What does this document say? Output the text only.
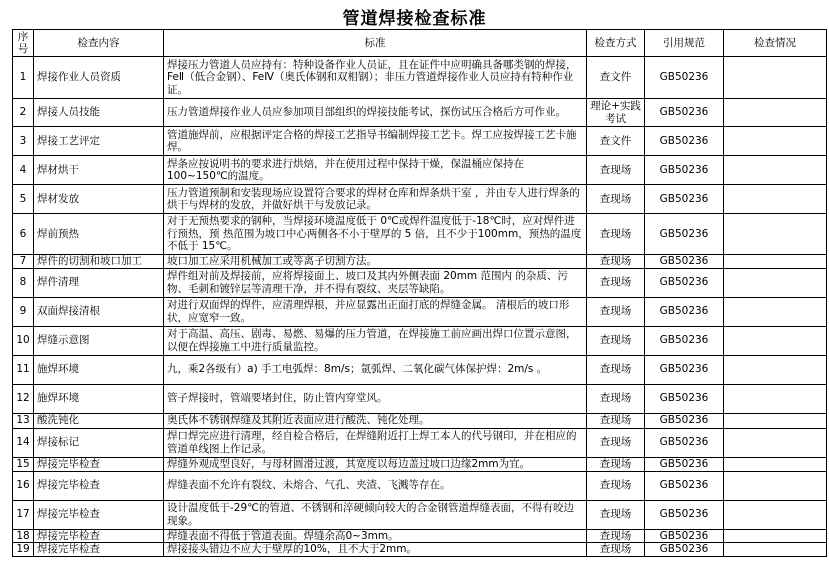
管道焊接检查标准
序号	检查内容	标准	检查方式	引用规范	检查情况
1	焊接作业人员资质	焊接压力管道人员应持有：特种设备作业人员证，且在证件中应明确具备哪类钢的焊接，FeⅡ（低合金钢）、FeⅣ（奥氏体钢和双相钢）；非压力管道焊接作业人员应持有特种作业证。	查文件	GB50236	
2	焊接人员技能	压力管道焊接作业人员应参加项目部组织的焊接技能考试，探伤试压合格后方可作业。	理论+实践考试	GB50236	
3	焊接工艺评定	管道施焊前，应根据评定合格的焊接工艺指导书编制焊接工艺卡。焊工应按焊接工艺卡施焊。	查文件	GB50236	
4	焊材烘干	焊条应按说明书的要求进行烘焙，并在使用过程中保持干燥，保温桶应保持在100~150℃的温度。	查现场	GB50236	
5	焊材发放	压力管道预制和安装现场应设置符合要求的焊材仓库和焊条烘干室 ，并由专人进行焊条的烘干与焊材的发放，并做好烘干与发放记录。	查现场	GB50236	
6	焊前预热	对于无预热要求的钢种，当焊接环境温度低于 0℃或焊件温度低于-18℃时，应对焊件进行预热，预 热范围为坡口中心两侧各不小于壁厚的 5 倍，且不少于100mm，预热的温度不低于 15℃。	查现场	GB50236	
7	焊件的切割和坡口加工	坡口加工应采用机械加工或等离子切割方法。	查现场	GB50236	
8	焊件清理	焊件组对前及焊接前，应将焊接面上、坡口及其内外侧表面 20mm 范围内 的杂质、污物、毛刺和镀锌层等清理干净，并不得有裂纹、夹层等缺陷。	查现场	GB50236	
9	双面焊接清根	对进行双面焊的焊件，应清理焊根，并应显露出正面打底的焊缝金属。 清根后的坡口形状，应宽窄一致。	查现场	GB50236	
10	焊缝示意图	对于高温、高压、剧毒、易燃、易爆的压力管道，在焊接施工前应画出焊口位置示意图，以便在焊接施工中进行质量监控。	查现场	GB50236	
11	施焊环境	九，乘2各级有）a) 手工电弧焊：8m/s；氩弧焊、二氧化碳气体保护焊：2m/s 。	查现场	GB50236	
12	施焊环境	管子焊接时，管端要堵封住，防止管内穿堂风。	查现场	GB50236	
13	酸洗钝化	奥氏体不锈钢焊缝及其附近表面应进行酸洗、钝化处理。	查现场	GB50236	
14	焊接标记	焊口焊完应进行清理，经自检合格后，在焊缝附近打上焊工本人的代号钢印，并在相应的管道单线图上作记录。	查现场	GB50236	
15	焊接完毕检查	焊缝外观成型良好，与母材圆滑过渡，其宽度以每边盖过坡口边缘2mm为宜。	查现场	GB50236	
16	焊接完毕检查	焊缝表面不允许有裂纹、未熔合、气孔、夹渣、飞溅等存在。	查现场	GB50236	
17	焊接完毕检查	设计温度低于-29℃的管道、不锈钢和淬硬倾向较大的合金钢管道焊缝表面，不得有咬边现象。	查现场	GB50236	
18	焊接完毕检查	焊缝表面不得低于管道表面。焊缝余高0~3mm。	查现场	GB50236	
19	焊接完毕检查	焊接接头错边不应大于壁厚的10%，且不大于2mm。	查现场	GB50236	
